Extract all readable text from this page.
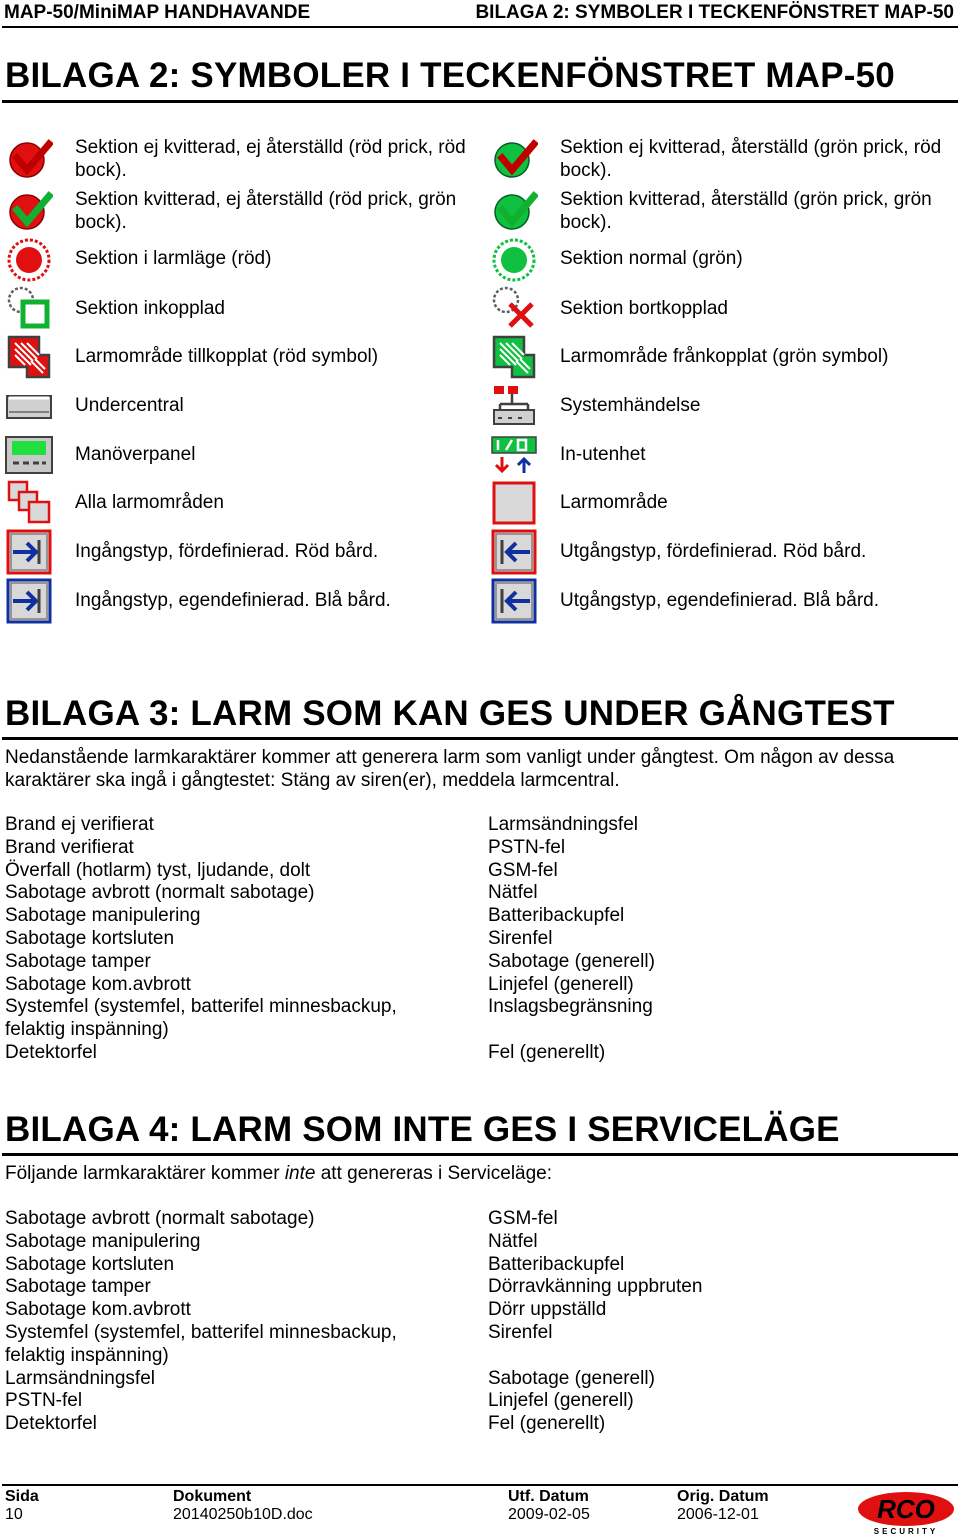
MAP-50/MiniMAP HANDHAVANDE	BILAGA 2: SYMBOLER I TECKENFÖNSTRET MAP-50
BILAGA 2: SYMBOLER I TECKENFÖNSTRET MAP-50
Sektion ej kvitterad, ej återställd (röd prick, röd bock).
Sektion kvitterad, ej återställd (röd prick, grön bock).
Sektion i larmläge (röd)
Sektion inkopplad
Larmområde tillkopplat (röd symbol)
Undercentral
Manöverpanel
Alla larmområden
Ingångstyp, fördefinierad. Röd bård.
Ingångstyp, egendefinierad. Blå bård.
Sektion ej kvitterad, återställd (grön prick, röd bock).
Sektion kvitterad, återställd (grön prick, grön bock).
Sektion normal (grön)
Sektion bortkopplad
Larmområde frånkopplat (grön symbol)
Systemhändelse
In-utenhet
Larmområde
Utgångstyp, fördefinierad. Röd bård.
Utgångstyp, egendefinierad. Blå bård.
BILAGA 3: LARM SOM KAN GES UNDER GÅNGTEST
Nedanstående larmkaraktärer kommer att generera larm som vanligt under gångtest. Om någon av dessa karaktärer ska ingå i gångtestet: Stäng av siren(er), meddela larmcentral.
Brand ej verifierat
Brand verifierat
Överfall (hotlarm) tyst, ljudande, dolt
Sabotage avbrott (normalt sabotage)
Sabotage manipulering
Sabotage kortsluten
Sabotage tamper
Sabotage kom.avbrott
Systemfel (systemfel, batterifel minnesbackup,
felaktig inspänning)
Detektorfel
Larmsändningsfel
PSTN-fel
GSM-fel
Nätfel
Batteribackupfel
Sirenfel
Sabotage (generell)
Linjefel (generell)
Inslagsbegränsning
Fel (generellt)
BILAGA 4: LARM SOM INTE GES I SERVICELÄGE
Följande larmkaraktärer kommer inte att genereras i Serviceläge:
Sabotage avbrott (normalt sabotage)
Sabotage manipulering
Sabotage kortsluten
Sabotage tamper
Sabotage kom.avbrott
Systemfel (systemfel, batterifel minnesbackup,
felaktig inspänning)
Larmsändningsfel
PSTN-fel
Detektorfel
GSM-fel
Nätfel
Batteribackupfel
Dörravkänning uppbruten
Dörr uppställd
Sirenfel
Sabotage (generell)
Linjefel (generell)
Fel (generellt)
Sida
10
Dokument
20140250b10D.doc
Utf. Datum
2009-02-05
Orig. Datum
2006-12-01	RCO
SECURITY
